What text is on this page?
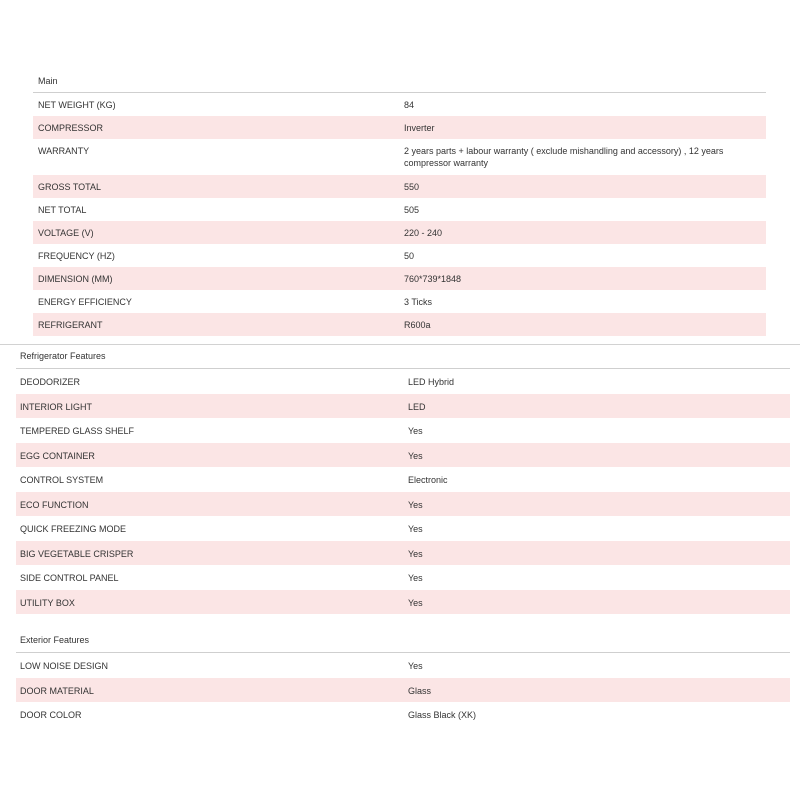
Main
NET WEIGHT (KG)	84
COMPRESSOR	Inverter
WARRANTY	2 years parts + labour warranty ( exclude mishandling and accessory) , 12 years compressor warranty
GROSS TOTAL	550
NET TOTAL	505
VOLTAGE (V)	220 - 240
FREQUENCY (HZ)	50
DIMENSION (MM)	760*739*1848
ENERGY EFFICIENCY	3 Ticks
REFRIGERANT	R600a
Refrigerator Features
DEODORIZER	LED Hybrid
INTERIOR LIGHT	LED
TEMPERED GLASS SHELF	Yes
EGG CONTAINER	Yes
CONTROL SYSTEM	Electronic
ECO FUNCTION	Yes
QUICK FREEZING MODE	Yes
BIG VEGETABLE CRISPER	Yes
SIDE CONTROL PANEL	Yes
UTILITY BOX	Yes
Exterior Features
LOW NOISE DESIGN	Yes
DOOR MATERIAL	Glass
DOOR COLOR	Glass Black (XK)
